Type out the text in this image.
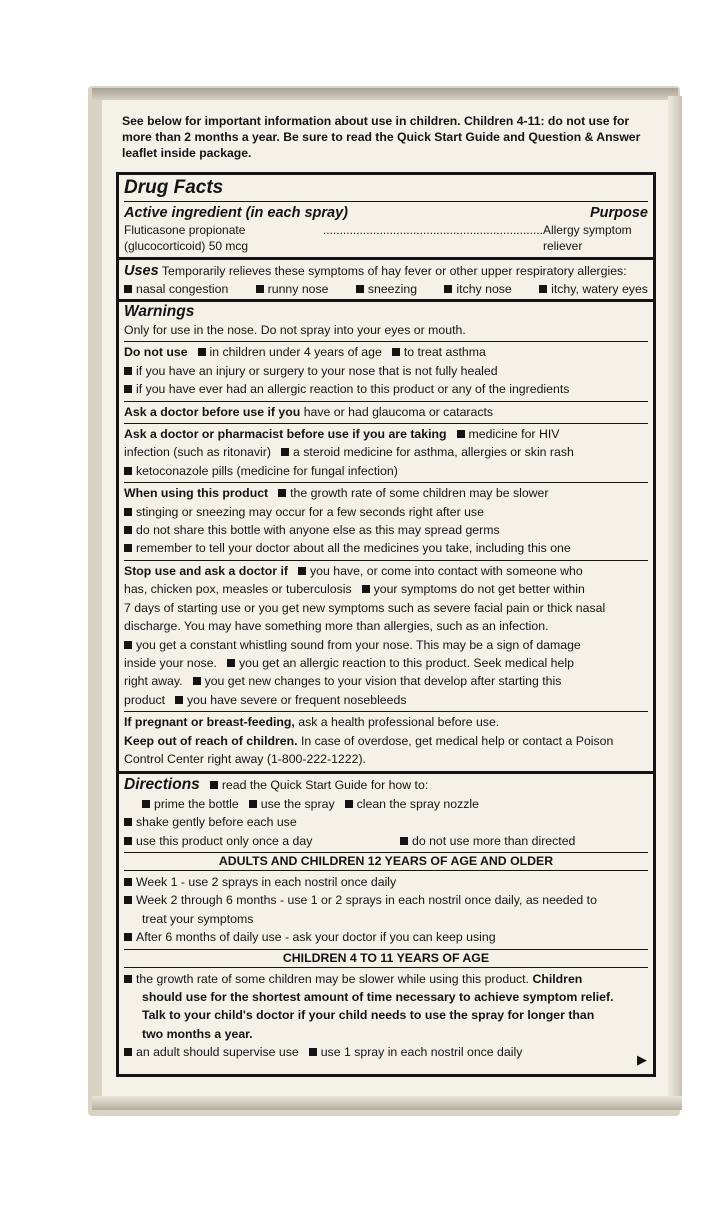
See below for important information about use in children. Children 4-11: do not use for more than 2 months a year. Be sure to read the Quick Start Guide and Question & Answer leaflet inside package.
Drug Facts
Active ingredient (in each spray)	Purpose
Fluticasone propionate (glucocorticoid) 50 mcg
.................................................................. Allergy symptom reliever
Uses Temporarily relieves these symptoms of hay fever or other upper respiratory allergies:
nasal congestion	runny nose	sneezing	itchy nose	itchy, watery eyes
Warnings
Only for use in the nose. Do not spray into your eyes or mouth.
Do not use in children under 4 years of age to treat asthma
if you have an injury or surgery to your nose that is not fully healed
if you have ever had an allergic reaction to this product or any of the ingredients
Ask a doctor before use if you have or had glaucoma or cataracts
Ask a doctor or pharmacist before use if you are taking medicine for HIV
infection (such as ritonavir) a steroid medicine for asthma, allergies or skin rash
ketoconazole pills (medicine for fungal infection)
When using this product the growth rate of some children may be slower
stinging or sneezing may occur for a few seconds right after use
do not share this bottle with anyone else as this may spread germs
remember to tell your doctor about all the medicines you take, including this one
Stop use and ask a doctor if you have, or come into contact with someone who
has, chicken pox, measles or tuberculosis your symptoms do not get better within
7 days of starting use or you get new symptoms such as severe facial pain or thick nasal
discharge. You may have something more than allergies, such as an infection.
you get a constant whistling sound from your nose. This may be a sign of damage
inside your nose. you get an allergic reaction to this product. Seek medical help
right away. you get new changes to your vision that develop after starting this
product you have severe or frequent nosebleeds
If pregnant or breast-feeding, ask a health professional before use.
Keep out of reach of children. In case of overdose, get medical help or contact a Poison
Control Center right away (1-800-222-1222).
Directions read the Quick Start Guide for how to:
prime the bottle use the spray clean the spray nozzle
shake gently before each use
use this product only once a day	do not use more than directed
ADULTS AND CHILDREN 12 YEARS OF AGE AND OLDER
Week 1 - use 2 sprays in each nostril once daily
Week 2 through 6 months - use 1 or 2 sprays in each nostril once daily, as needed to
treat your symptoms
After 6 months of daily use - ask your doctor if you can keep using
CHILDREN 4 TO 11 YEARS OF AGE
the growth rate of some children may be slower while using this product. Children
should use for the shortest amount of time necessary to achieve symptom relief.
Talk to your child's doctor if your child needs to use the spray for longer than
two months a year.
an adult should supervise use use 1 spray in each nostril once daily	▶
